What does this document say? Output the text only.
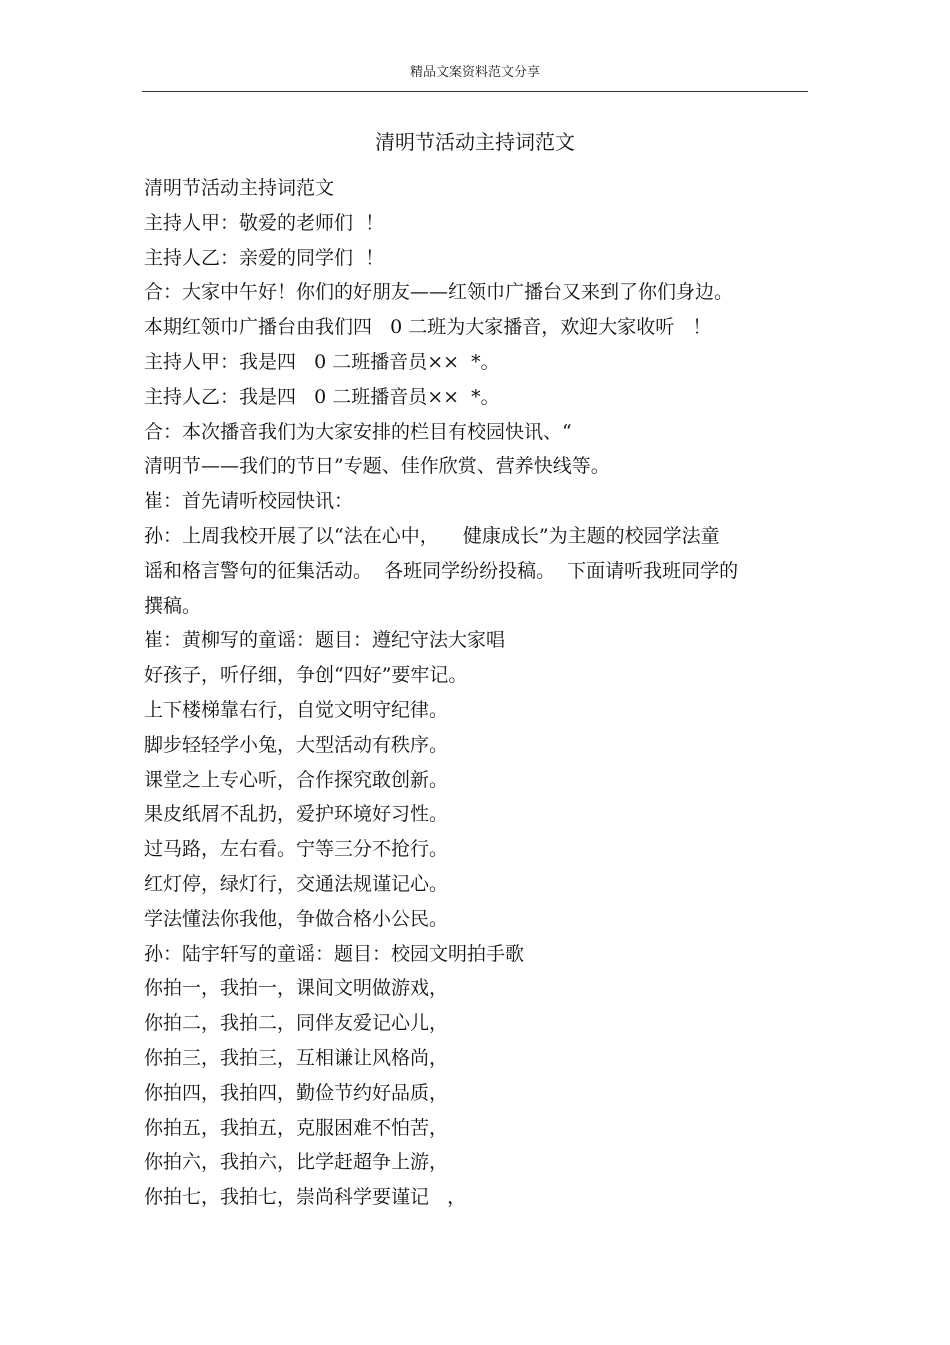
精品文案资料范文分享
清明节活动主持词范文
清明节活动主持词范文
主持人甲：敬爱的老师们  ！
主持人乙：亲爱的同学们  ！
合：大家中午好！你们的好朋友——红领巾广播台又来到了你们身边。
本期红领巾广播台由我们四   0 二班为大家播音，欢迎大家收听   ！
主持人甲：我是四   0 二班播音员××  *。
主持人乙：我是四   0 二班播音员××  *。
合：本次播音我们为大家安排的栏目有校园快讯、“
清明节——我们的节日”专题、佳作欣赏、营养快线等。
崔：首先请听校园快讯：
孙：上周我校开展了以“法在心中，    健康成长”为主题的校园学法童
谣和格言警句的征集活动。  各班同学纷纷投稿。  下面请听我班同学的
撰稿。
崔：黄柳写的童谣：题目：遵纪守法大家唱
好孩子，听仔细，争创“四好”要牢记。
上下楼梯靠右行，自觉文明守纪律。
脚步轻轻学小兔，大型活动有秩序。
课堂之上专心听，合作探究敢创新。
果皮纸屑不乱扔，爱护环境好习性。
过马路，左右看。宁等三分不抢行。
红灯停，绿灯行，交通法规谨记心。
学法懂法你我他，争做合格小公民。
孙：陆宇轩写的童谣：题目：校园文明拍手歌
你拍一，我拍一，课间文明做游戏，
你拍二，我拍二，同伴友爱记心儿，
你拍三，我拍三，互相谦让风格尚，
你拍四，我拍四，勤俭节约好品质，
你拍五，我拍五，克服困难不怕苦，
你拍六，我拍六，比学赶超争上游，
你拍七，我拍七，崇尚科学要谨记   ，
